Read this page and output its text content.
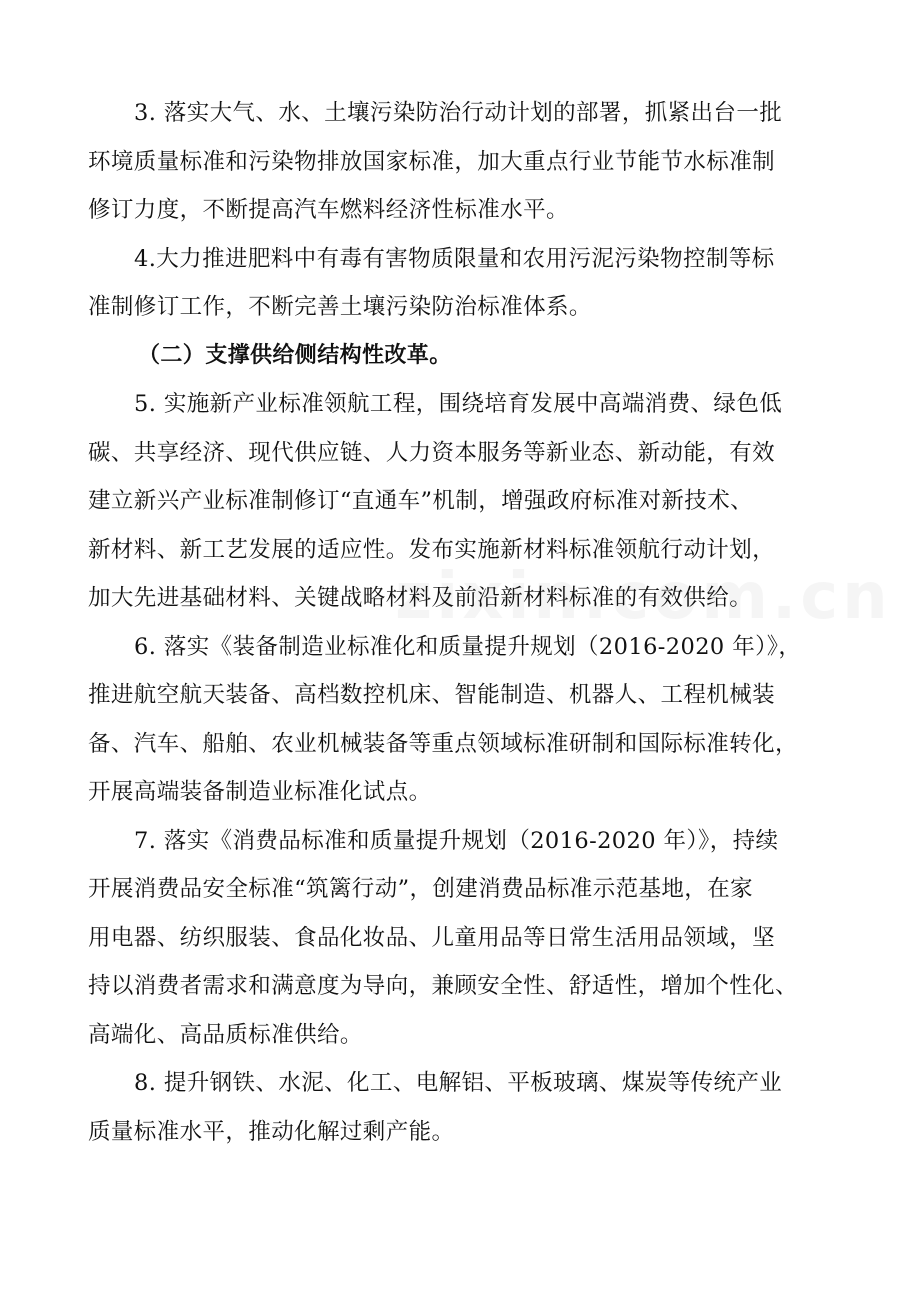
3. 落实大气、水、土壤污染防治行动计划的部署，抓紧出台一批
环境质量标准和污染物排放国家标准，加大重点行业节能节水标准制
修订力度，不断提高汽车燃料经济性标准水平。
4.大力推进肥料中有毒有害物质限量和农用污泥污染物控制等标
准制修订工作，不断完善土壤污染防治标准体系。
（二）支撑供给侧结构性改革。
5. 实施新产业标准领航工程，围绕培育发展中高端消费、绿色低
碳、共享经济、现代供应链、人力资本服务等新业态、新动能，有效
建立新兴产业标准制修订“直通车”机制，增强政府标准对新技术、
新材料、新工艺发展的适应性。发布实施新材料标准领航行动计划，
加大先进基础材料、关键战略材料及前沿新材料标准的有效供给。
6. 落实《装备制造业标准化和质量提升规划（2016-2020 年）》，
推进航空航天装备、高档数控机床、智能制造、机器人、工程机械装
备、汽车、船舶、农业机械装备等重点领域标准研制和国际标准转化，
开展高端装备制造业标准化试点。
7. 落实《消费品标准和质量提升规划（2016-2020 年）》，持续
开展消费品安全标准“筑篱行动”，创建消费品标准示范基地，在家
用电器、纺织服装、食品化妆品、儿童用品等日常生活用品领域，坚
持以消费者需求和满意度为导向，兼顾安全性、舒适性，增加个性化、
高端化、高品质标准供给。
8. 提升钢铁、水泥、化工、电解铝、平板玻璃、煤炭等传统产业
质量标准水平，推动化解过剩产能。
